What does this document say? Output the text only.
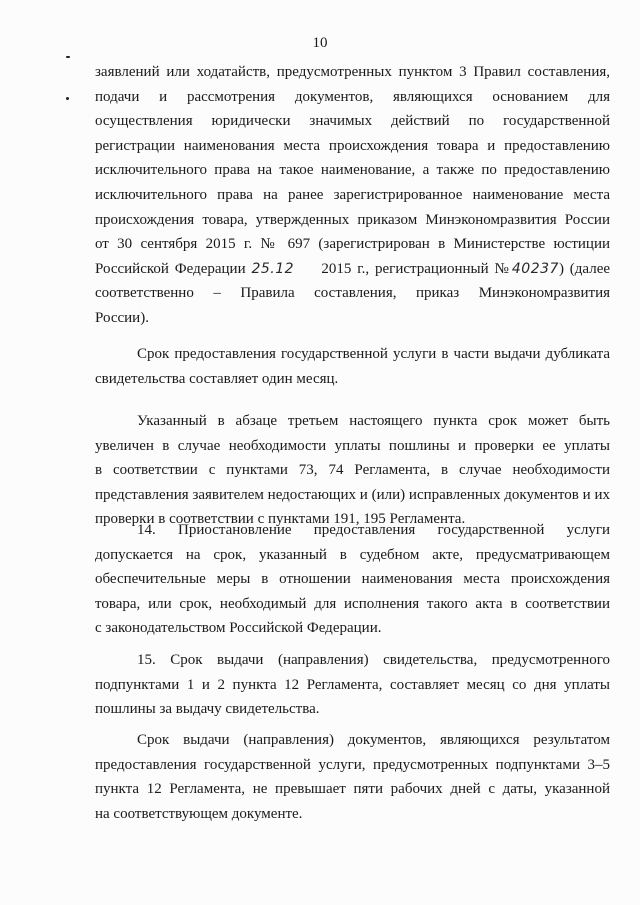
10
заявлений или ходатайств, предусмотренных пунктом 3 Правил составления,
подачи и рассмотрения документов, являющихся основанием для
осуществления юридически значимых действий по государственной
регистрации наименования места происхождения товара и предоставлению
исключительного права на такое наименование, а также по предоставлению
исключительного права на ранее зарегистрированное наименование места
происхождения товара, утвержденных приказом Минэкономразвития России
от 30 сентября 2015 г. № 697 (зарегистрирован в Министерстве юстиции
Российской Федерации 25.12 2015 г., регистрационный №40237) (далее
соответственно – Правила составления, приказ Минэкономразвития
России).
Срок предоставления государственной услуги в части выдачи дубликата
свидетельства составляет один месяц.
Указанный в абзаце третьем настоящего пункта срок может быть
увеличен в случае необходимости уплаты пошлины и проверки ее уплаты
в соответствии с пунктами 73, 74 Регламента, в случае необходимости
представления заявителем недостающих и (или) исправленных документов и их
проверки в соответствии с пунктами 191, 195 Регламента.
14. Приостановление предоставления государственной услуги
допускается на срок, указанный в судебном акте, предусматривающем
обеспечительные меры в отношении наименования места происхождения
товара, или срок, необходимый для исполнения такого акта в соответствии
с законодательством Российской Федерации.
15. Срок выдачи (направления) свидетельства, предусмотренного
подпунктами 1 и 2 пункта 12 Регламента, составляет месяц со дня уплаты
пошлины за выдачу свидетельства.
Срок выдачи (направления) документов, являющихся результатом
предоставления государственной услуги, предусмотренных подпунктами 3–5
пункта 12 Регламента, не превышает пяти рабочих дней с даты, указанной
на соответствующем документе.
